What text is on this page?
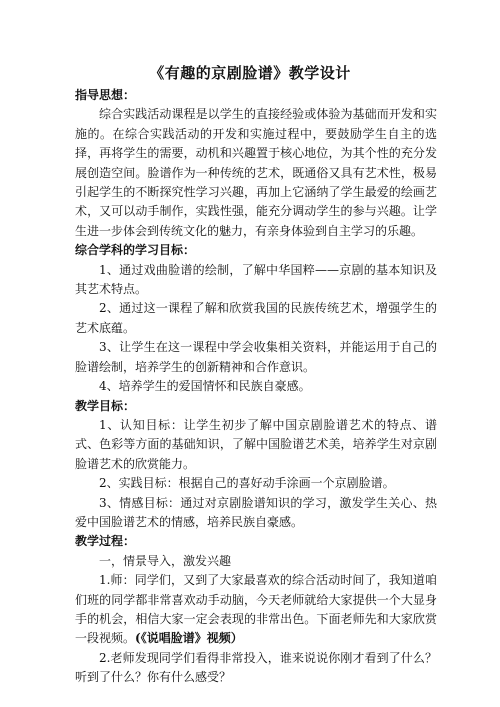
《有趣的京剧脸谱》教学设计

指导思想：

综合实践活动课程是以学生的直接经验或体验为基础而开发和实施的。在综合实践活动的开发和实施过程中，要鼓励学生自主的选择，再将学生的需要，动机和兴趣置于核心地位，为其个性的充分发展创造空间。脸谱作为一种传统的艺术，既通俗又具有艺术性，极易引起学生的不断探究性学习兴趣，再加上它涵纳了学生最爱的绘画艺术，又可以动手制作，实践性强，能充分调动学生的参与兴趣。让学生进一步体会到传统文化的魅力，有亲身体验到自主学习的乐趣。

综合学科的学习目标：

1、通过戏曲脸谱的绘制，了解中华国粹——京剧的基本知识及其艺术特点。

2、通过这一课程了解和欣赏我国的民族传统艺术，增强学生的艺术底蕴。

3、让学生在这一课程中学会收集相关资料，并能运用于自己的脸谱绘制，培养学生的创新精神和合作意识。

4、培养学生的爱国情怀和民族自豪感。

教学目标：

1、认知目标：让学生初步了解中国京剧脸谱艺术的特点、谱式、色彩等方面的基础知识，了解中国脸谱艺术美，培养学生对京剧脸谱艺术的欣赏能力。

2、实践目标：根据自己的喜好动手涂画一个京剧脸谱。

3、情感目标：通过对京剧脸谱知识的学习，激发学生关心、热爱中国脸谱艺术的情感，培养民族自豪感。

教学过程：

一，情景导入，激发兴趣

1.师：同学们，又到了大家最喜欢的综合活动时间了，我知道咱们班的同学都非常喜欢动手动脑，今天老师就给大家提供一个大显身手的机会，相信大家一定会表现的非常出色。下面老师先和大家欣赏一段视频。(《说唱脸谱》视频）

2.老师发现同学们看得非常投入，谁来说说你刚才看到了什么？听到了什么？你有什么感受？
